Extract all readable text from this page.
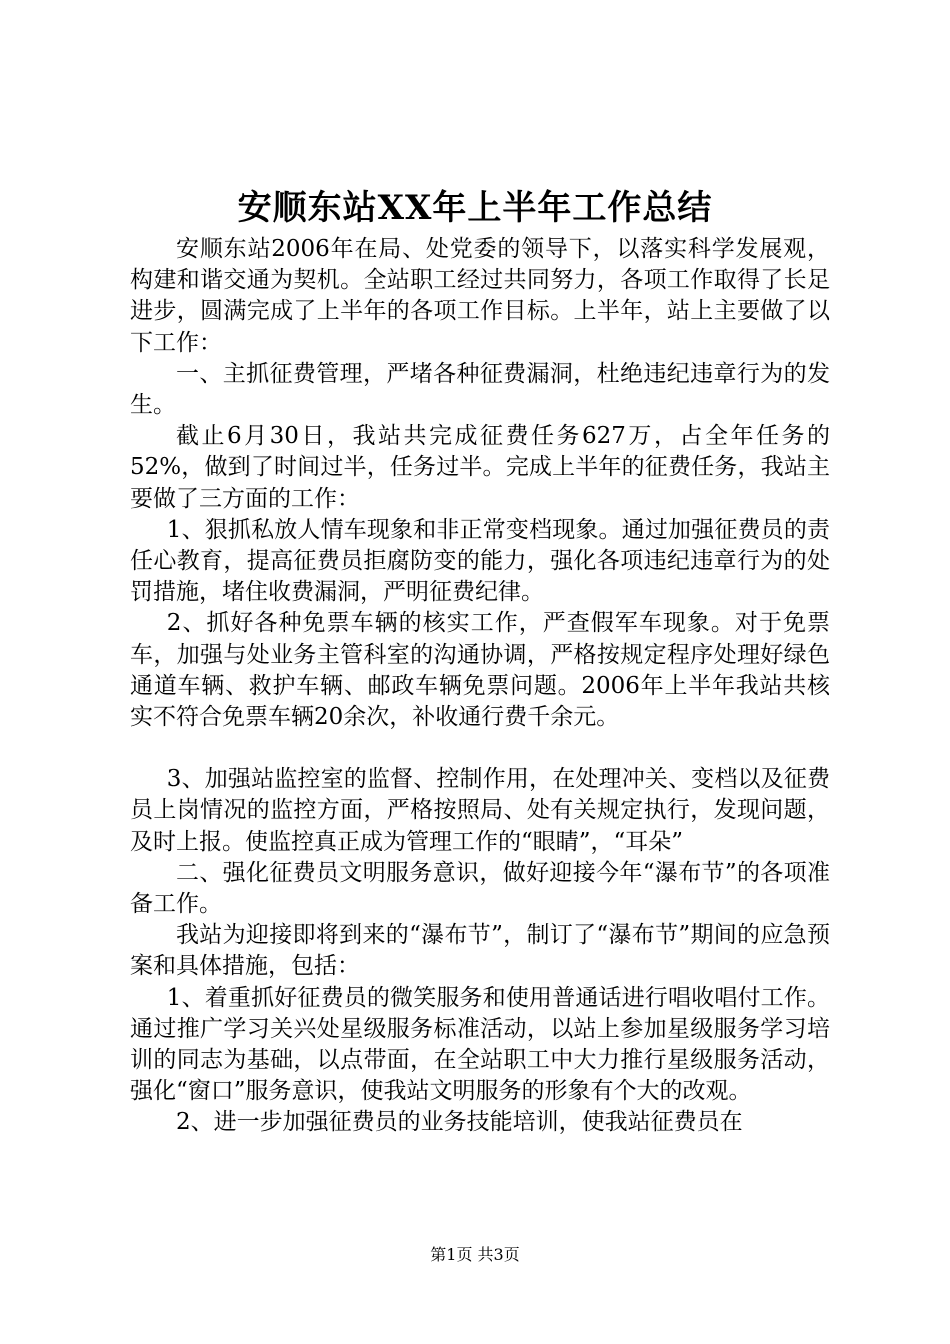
安顺东站XX年上半年工作总结

安顺东站2006年在局、处党委的领导下，以落实科学发展观，构建和谐交通为契机。全站职工经过共同努力，各项工作取得了长足进步，圆满完成了上半年的各项工作目标。上半年，站上主要做了以下工作：

一、主抓征费管理，严堵各种征费漏洞，杜绝违纪违章行为的发生。

截止6月30日，我站共完成征费任务627万，占全年任务的52%，做到了时间过半，任务过半。完成上半年的征费任务，我站主要做了三方面的工作：

1、狠抓私放人情车现象和非正常变档现象。通过加强征费员的责任心教育，提高征费员拒腐防变的能力，强化各项违纪违章行为的处罚措施，堵住收费漏洞，严明征费纪律。

2、抓好各种免票车辆的核实工作，严查假军车现象。对于免票车，加强与处业务主管科室的沟通协调，严格按规定程序处理好绿色通道车辆、救护车辆、邮政车辆免票问题。2006年上半年我站共核实不符合免票车辆20余次，补收通行费千余元。

3、加强站监控室的监督、控制作用，在处理冲关、变档以及征费员上岗情况的监控方面，严格按照局、处有关规定执行，发现问题，及时上报。使监控真正成为管理工作的“眼睛”，“耳朵”

二、强化征费员文明服务意识，做好迎接今年“瀑布节”的各项准备工作。

我站为迎接即将到来的“瀑布节”，制订了“瀑布节”期间的应急预案和具体措施，包括：

1、着重抓好征费员的微笑服务和使用普通话进行唱收唱付工作。通过推广学习关兴处星级服务标准活动，以站上参加星级服务学习培训的同志为基础，以点带面，在全站职工中大力推行星级服务活动，强化“窗口”服务意识，使我站文明服务的形象有个大的改观。

2、进一步加强征费员的业务技能培训，使我站征费员在

第1页 共3页
